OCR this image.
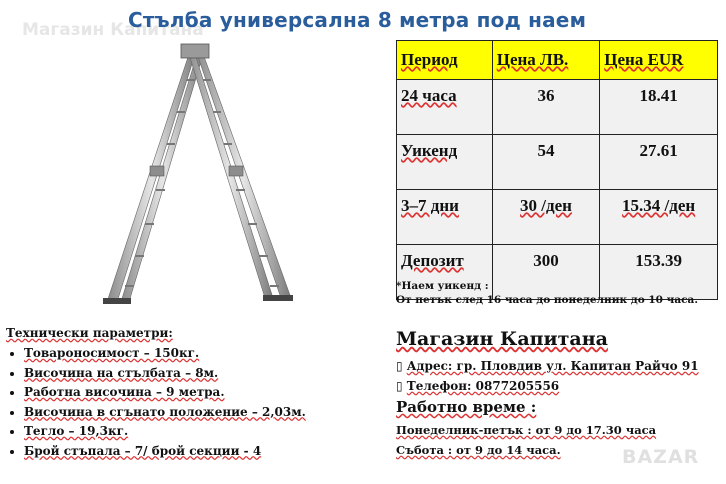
Магазин Капитана
Стълба универсална 8 метра под наем
Период	Цена ЛВ.	Цена EUR
24 часа	36	18.41
Уикенд	54	27.61
3–7 дни	30 /ден	15.34 /ден
Депозит	300	153.39
*Наем уикенд :
От петък след 16 часа до понеделник до 10 часа.
Технически параметри:
• Товароносимост – 150кг.
• Височина на стълбата – 8м.
• Работна височина – 9 метра.
• Височина в сгънато положение – 2,03м.
• Тегло – 19,3кг.
• Брой стъпала – 7/ брой секции - 4
Магазин Капитана
▯ Адрес: гр. Пловдив ул. Капитан Райчо 91
▯ Телефон: 0877205556
Работно време :
Понеделник-петък : от 9 до 17.30 часа
Събота : от 9 до 14 часа.	BAZAR
